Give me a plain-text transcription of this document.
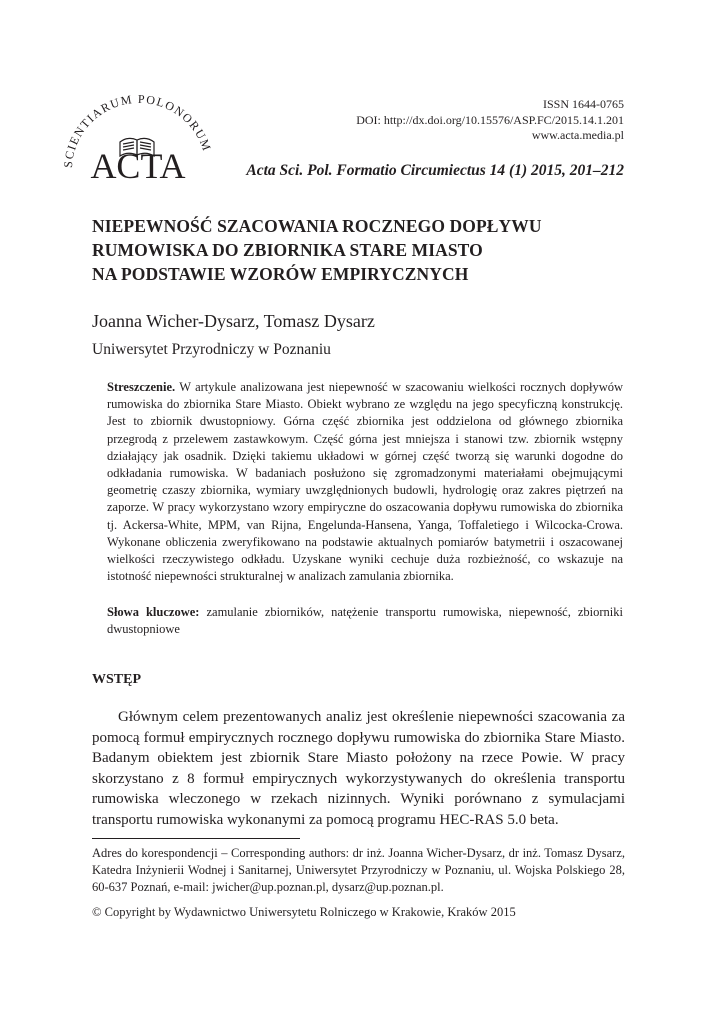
SCIENTIARUM POLONORUM
ACTA
ISSN 1644-0765
DOI: http://dx.doi.org/10.15576/ASP.FC/2015.14.1.201
www.acta.media.pl
Acta Sci. Pol. Formatio Circumiectus 14 (1) 2015, 201–212
NIEPEWNOŚĆ SZACOWANIA ROCZNEGO DOPŁYWU
RUMOWISKA DO ZBIORNIKA STARE MIASTO
NA PODSTAWIE WZORÓW EMPIRYCZNYCH
Joanna Wicher-Dysarz, Tomasz Dysarz
Uniwersytet Przyrodniczy w Poznaniu
Streszczenie. W artykule analizowana jest niepewność w szacowaniu wielkości rocznych dopływów rumowiska do zbiornika Stare Miasto. Obiekt wybrano ze względu na jego specyficzną konstrukcję. Jest to zbiornik dwustopniowy. Górna część zbiornika jest oddzielona od głównego zbiornika przegrodą z przelewem zastawkowym. Część górna jest mniejsza i stanowi tzw. zbiornik wstępny działający jak osadnik. Dzięki takiemu układowi w górnej część tworzą się warunki dogodne do odkładania rumowiska. W badaniach posłużono się zgromadzonymi materiałami obejmującymi geometrię czaszy zbiornika, wymiary uwzględnionych budowli, hydrologię oraz zakres piętrzeń na zaporze. W pracy wykorzystano wzory empiryczne do oszacowania dopływu rumowiska do zbiornika tj. Ackersa-White, MPM, van Rijna, Engelunda-Hansena, Yanga, Toffaletiego i Wilcocka-Crowa. Wykonane obliczenia zweryfikowano na podstawie aktualnych pomiarów batymetrii i oszacowanej wielkości rzeczywistego odkładu. Uzyskane wyniki cechuje duża rozbieżność, co wskazuje na istotność niepewności strukturalnej w analizach zamulania zbiornika.
Słowa kluczowe: zamulanie zbiorników, natężenie transportu rumowiska, niepewność, zbiorniki dwustopniowe
WSTĘP
Głównym celem prezentowanych analiz jest określenie niepewności szacowania za pomocą formuł empirycznych rocznego dopływu rumowiska do zbiornika Stare Miasto. Badanym obiektem jest zbiornik Stare Miasto położony na rzece Powie. W pracy skorzystano z 8 formuł empirycznych wykorzystywanych do określenia transportu rumowiska wleczonego w rzekach nizinnych. Wyniki porównano z symulacjami transportu rumowiska wykonanymi za pomocą programu HEC-RAS 5.0 beta.
Adres do korespondencji – Corresponding authors: dr inż. Joanna Wicher-Dysarz, dr inż. Tomasz Dysarz, Katedra Inżynierii Wodnej i Sanitarnej, Uniwersytet Przyrodniczy w Poznaniu, ul. Wojska Polskiego 28, 60-637 Poznań, e-mail: jwicher@up.poznan.pl, dysarz@up.poznan.pl.
© Copyright by Wydawnictwo Uniwersytetu Rolniczego w Krakowie, Kraków 2015
